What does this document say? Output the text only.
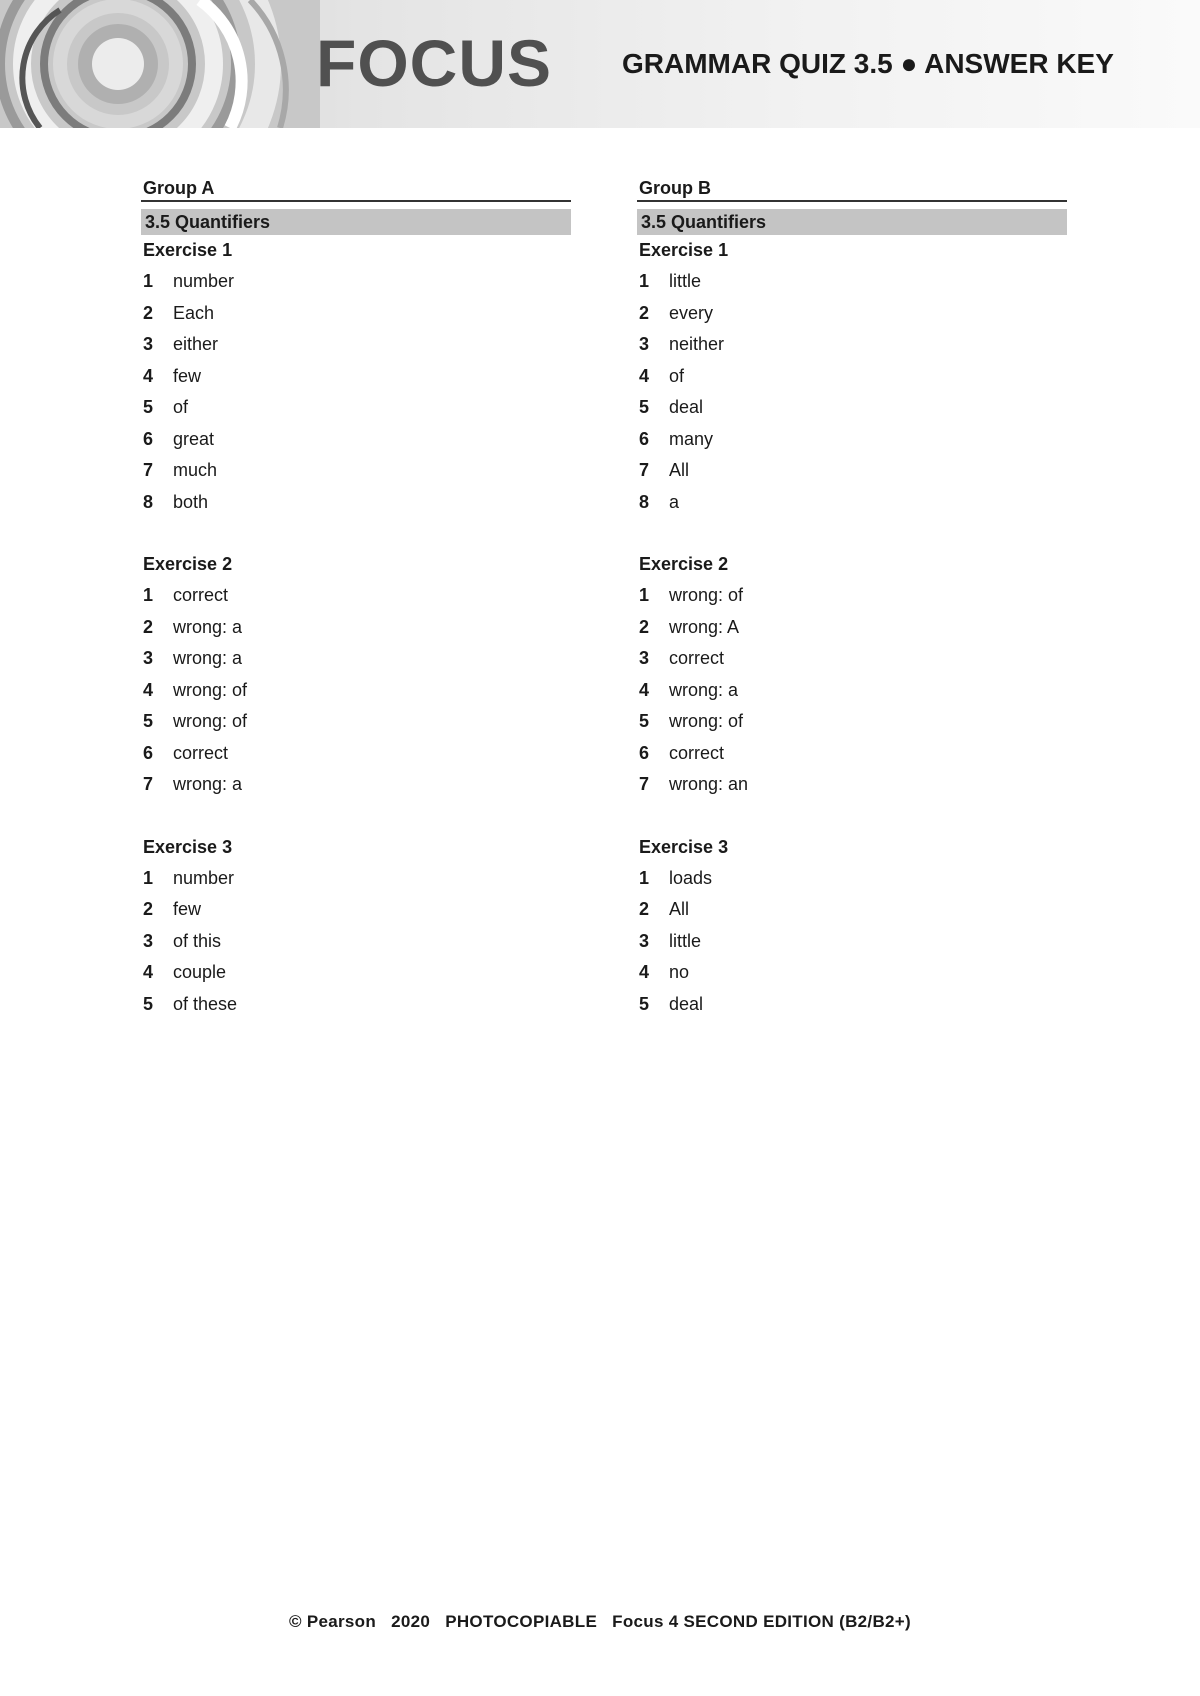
FOCUS	GRAMMAR QUIZ 3.5 ● ANSWER KEY
Group A
3.5 Quantifiers
Exercise 1
1 number
2 Each
3 either
4 few
5 of
6 great
7 much
8 both
Exercise 2
1 correct
2 wrong: a
3 wrong: a
4 wrong: of
5 wrong: of
6 correct
7 wrong: a
Exercise 3
1 number
2 few
3 of this
4 couple
5 of these
Group B
3.5 Quantifiers
Exercise 1
1 little
2 every
3 neither
4 of
5 deal
6 many
7 All
8 a
Exercise 2
1 wrong: of
2 wrong: A
3 correct
4 wrong: a
5 wrong: of
6 correct
7 wrong: an
Exercise 3
1 loads
2 All
3 little
4 no
5 deal
© Pearson   2020   PHOTOCOPIABLE   Focus 4 SECOND EDITION (B2/B2+)
